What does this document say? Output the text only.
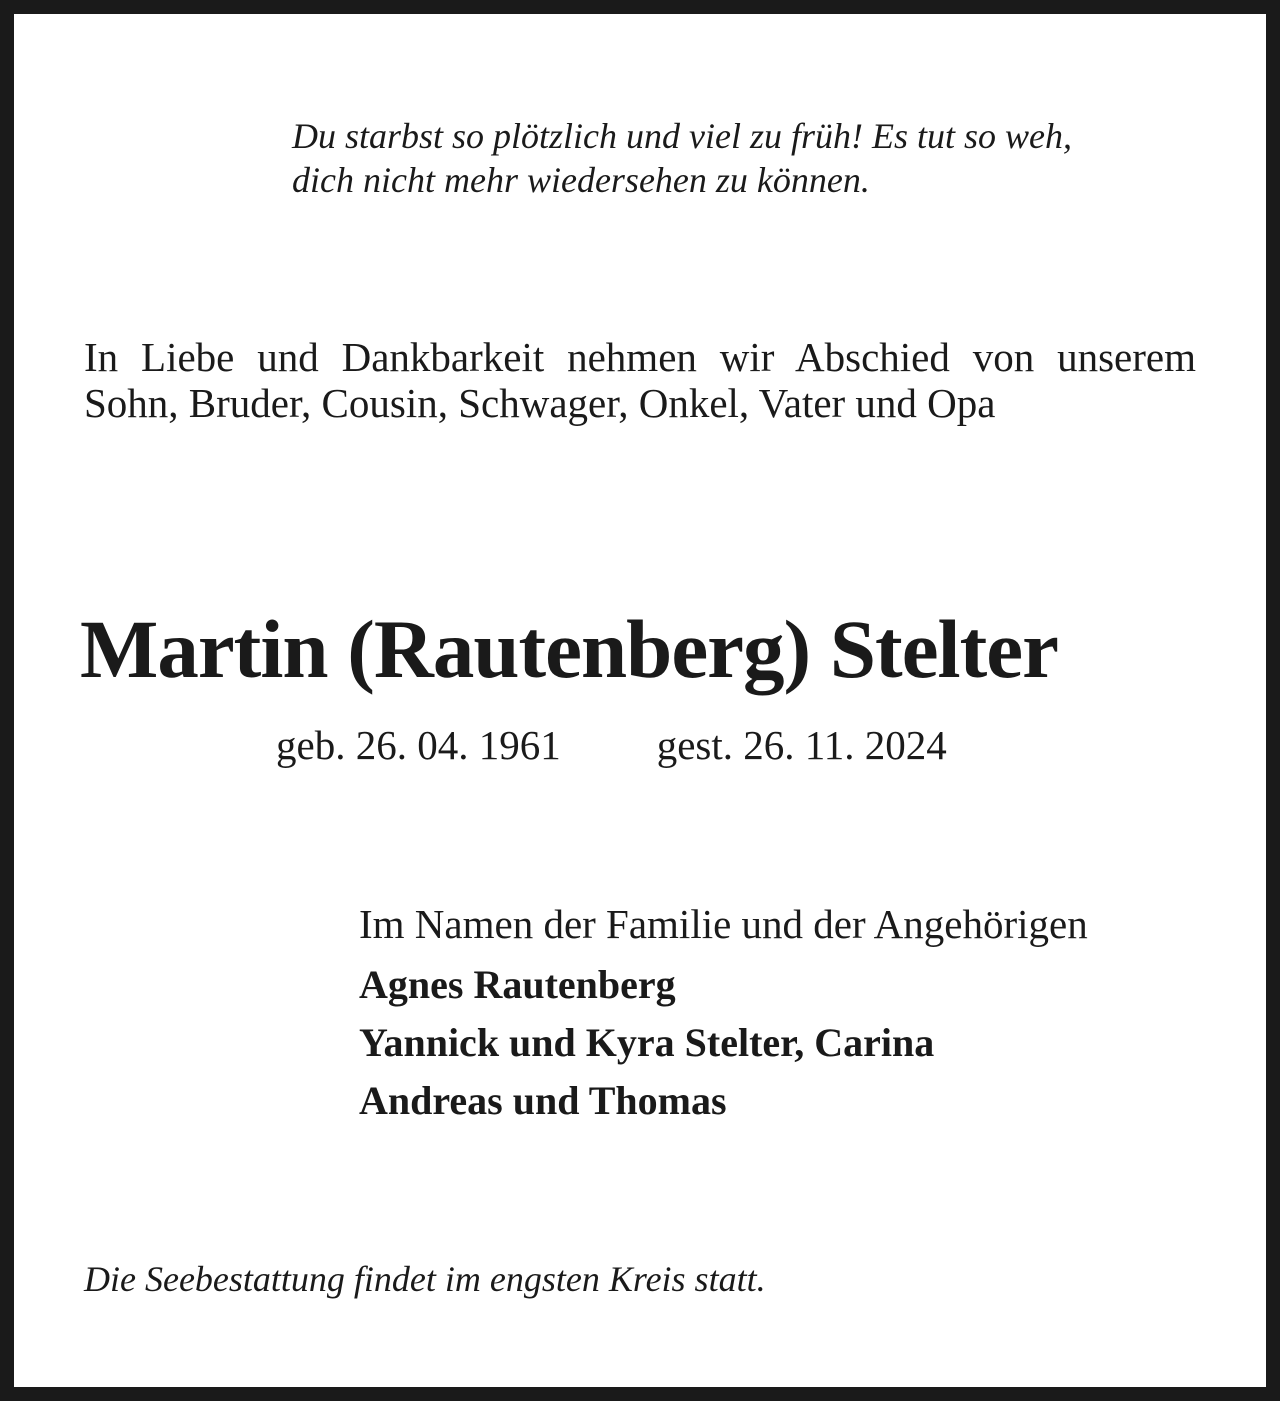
Du starbst so plötzlich und viel zu früh! Es tut so weh,
dich nicht mehr wiedersehen zu können.
In Liebe und Dankbarkeit nehmen wir Abschied von unserem Sohn, Bruder, Cousin, Schwager, Onkel, Vater und Opa
Martin (Rautenberg) Stelter
geb. 26. 04. 1961 gest. 26. 11. 2024
Im Namen der Familie und der Angehörigen
Agnes Rautenberg
Yannick und Kyra Stelter, Carina
Andreas und Thomas
Die Seebestattung findet im engsten Kreis statt.
